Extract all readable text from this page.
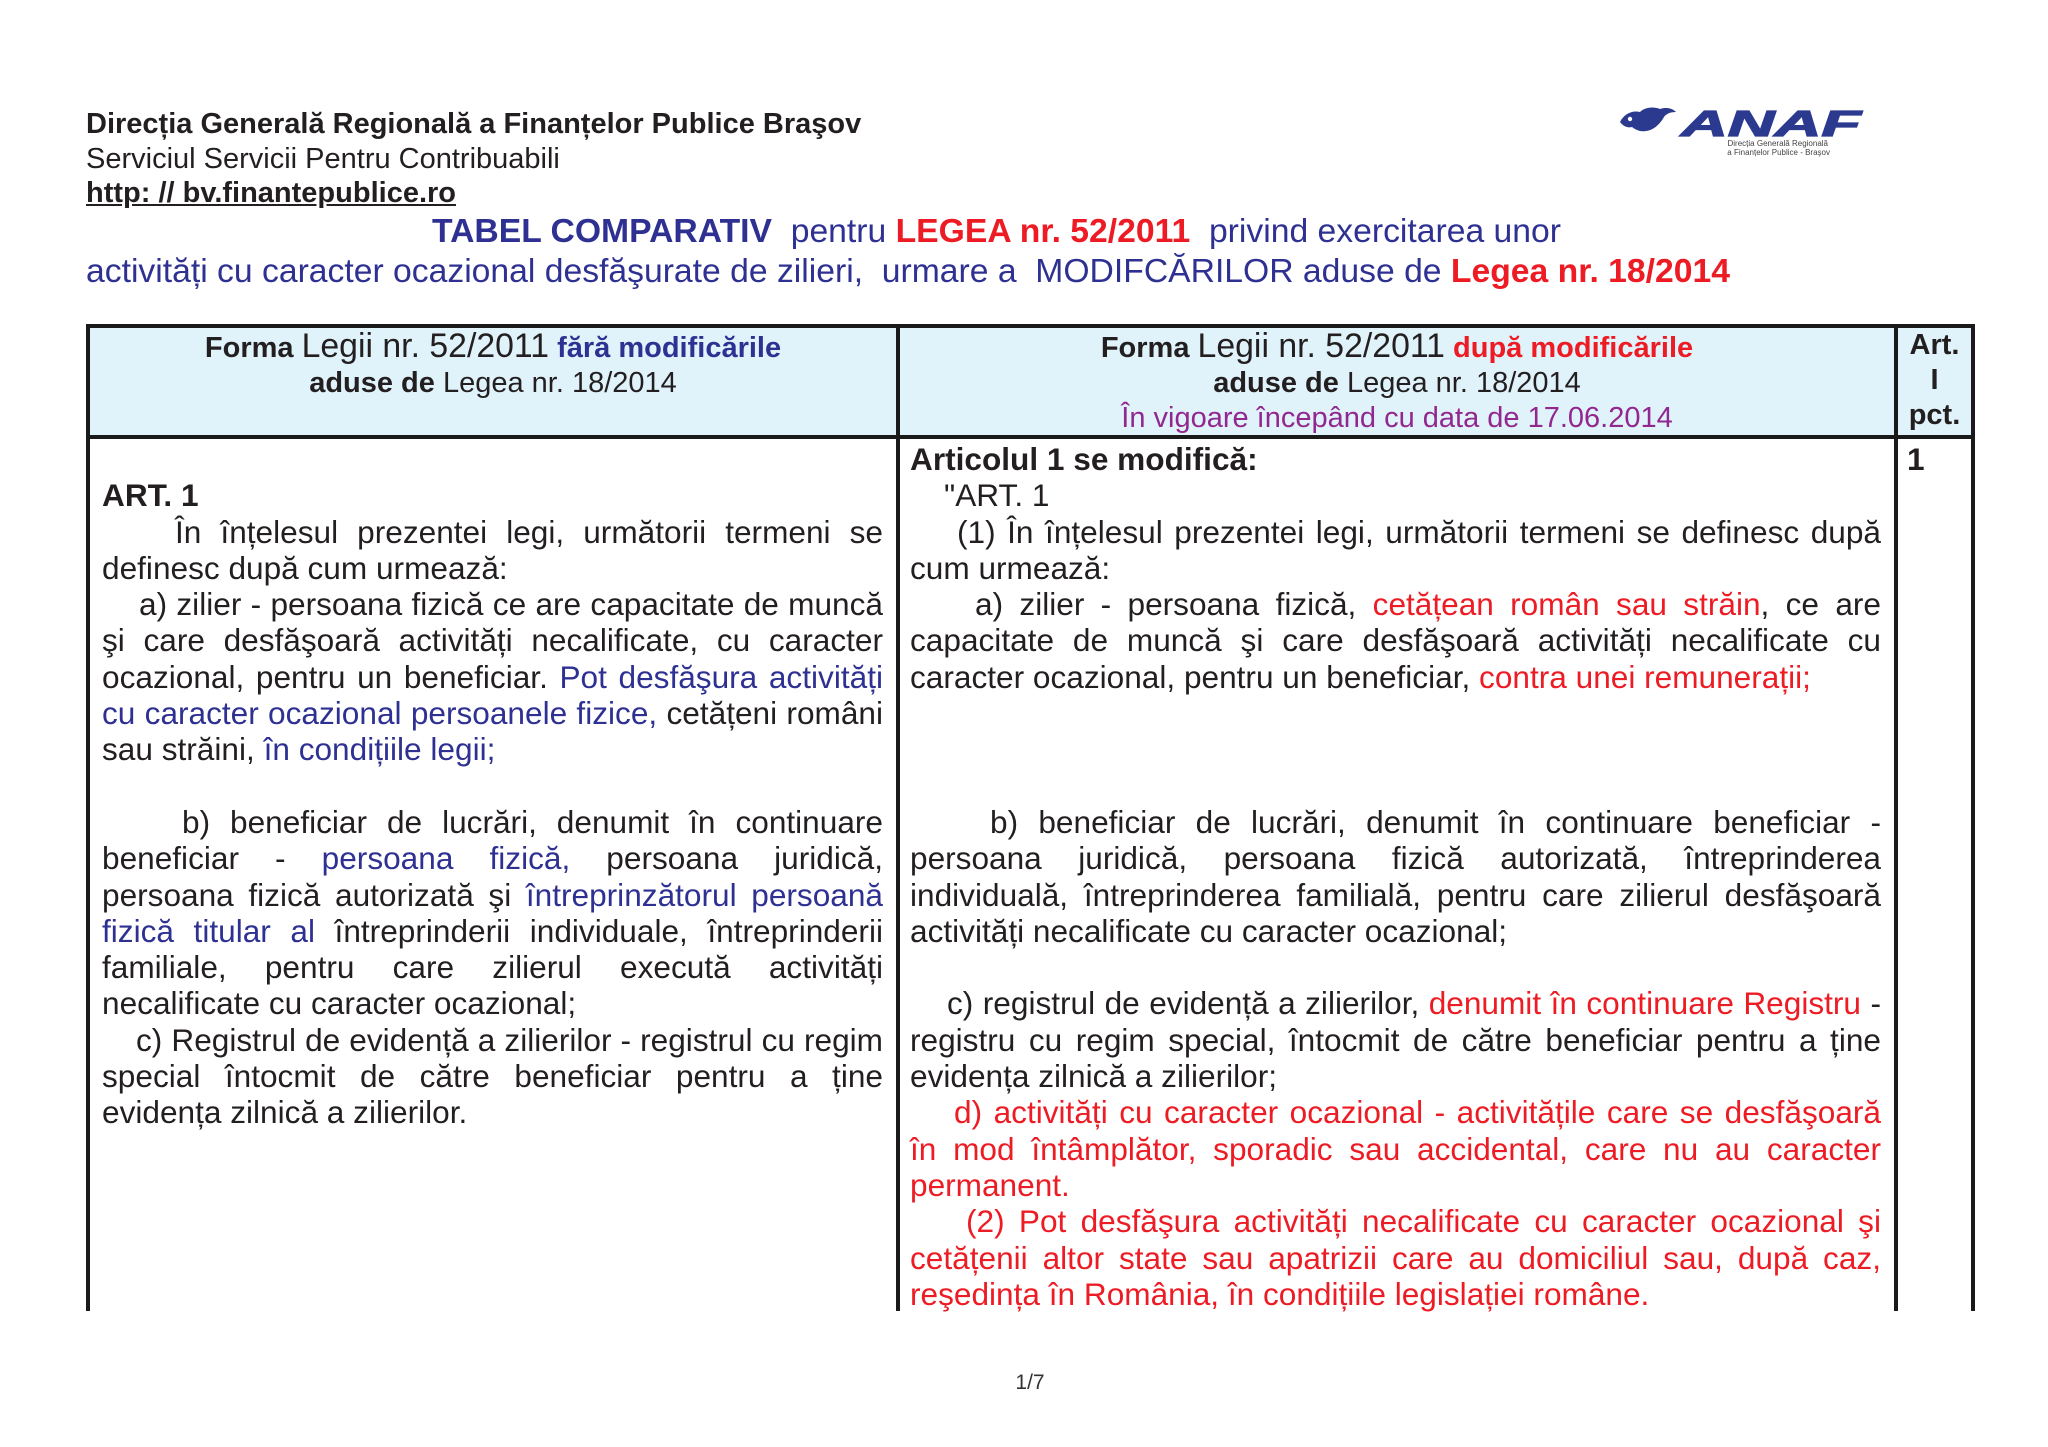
Direcția Generală Regională a Finanțelor Publice Braşov
Serviciul Servicii Pentru Contribuabili
http: // bv.finantepublice.ro
ANAF
Direcția Generală Regională
a Finanțelor Publice - Braşov
TABEL COMPARATIV  pentru LEGEA nr. 52/2011  privind exercitarea unor
activități cu caracter ocazional desfăşurate de zilieri,  urmare a  MODIFCĂRILOR aduse de Legea nr. 18/2014
Forma Legii nr. 52/2011 fără modificările
aduse de Legea nr. 18/2014
Forma Legii nr. 52/2011 după modificările
aduse de Legea nr. 18/2014
În vigoare începând cu data de 17.06.2014
Art.
I
pct.

ART. 1

În înțelesul prezentei legi, următorii termeni se definesc după cum urmează:

a) zilier - persoana fizică ce are capacitate de muncă şi care desfăşoară activități necalificate, cu caracter ocazional, pentru un beneficiar. Pot desfăşura activități cu caracter ocazional persoanele fizice, cetățeni români sau străini, în condițiile legii;

b) beneficiar de lucrări, denumit în continuare beneficiar - persoana fizică, persoana juridică, persoana fizică autorizată şi întreprinzătorul persoană fizică titular al întreprinderii individuale, întreprinderii familiale, pentru care zilierul execută activități necalificate cu caracter ocazional;

c) Registrul de evidență a zilierilor - registrul cu regim special întocmit de către beneficiar pentru a ține evidența zilnică a zilierilor.

Articolul 1 se modifică:

"ART. 1

(1) În înțelesul prezentei legi, următorii termeni se definesc după cum urmează:

a) zilier - persoana fizică, cetățean român sau străin, ce are capacitate de muncă şi care desfăşoară activități necalificate cu caracter ocazional, pentru un beneficiar, contra unei remunerații;

b) beneficiar de lucrări, denumit în continuare beneficiar - persoana juridică, persoana fizică autorizată, întreprinderea individuală, întreprinderea familială, pentru care zilierul desfăşoară activități necalificate cu caracter ocazional;

c) registrul de evidență a zilierilor, denumit în continuare Registru - registru cu regim special, întocmit de către beneficiar pentru a ține evidența zilnică a zilierilor;

d) activități cu caracter ocazional - activitățile care se desfăşoară în mod întâmplător, sporadic sau accidental, care nu au caracter permanent.

(2) Pot desfăşura activități necalificate cu caracter ocazional şi cetățenii altor state sau apatrizii care au domiciliul sau, după caz, reşedința în România, în condițiile legislației române.

1
1/7
